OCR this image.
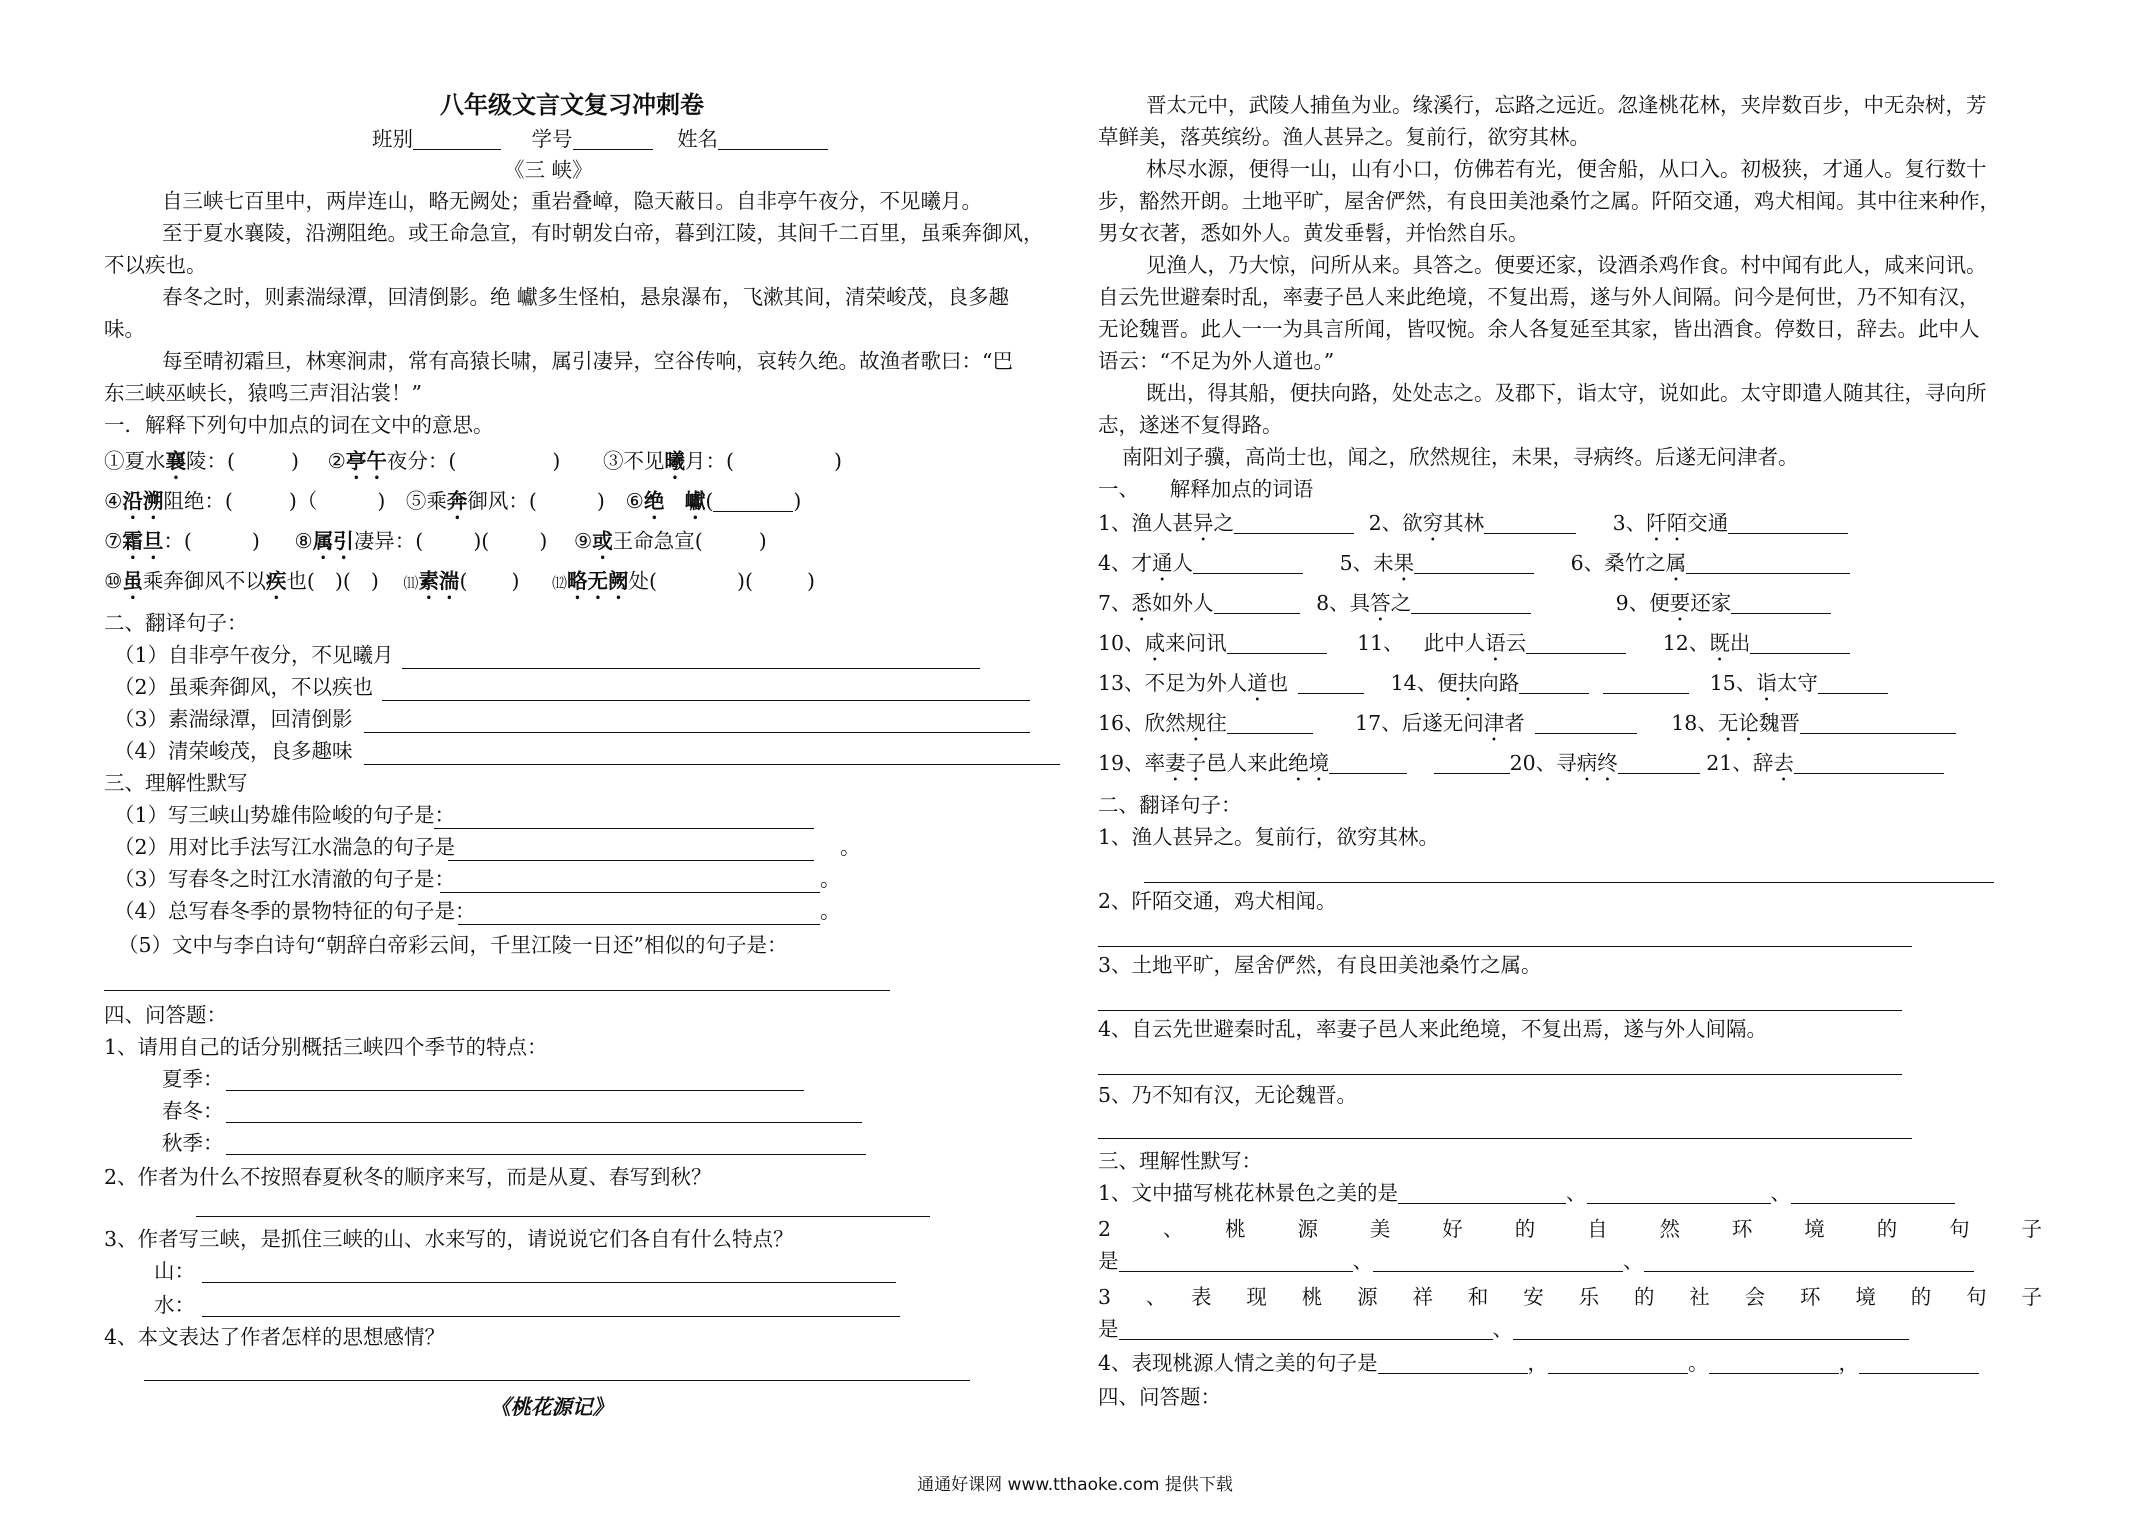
八年级文言文复习冲刺卷
班别	学号	姓名
《三 峡》
自三峡七百里中，两岸连山，略无阙处；重岩叠嶂，隐天蔽日。自非亭午夜分，不见曦月。
至于夏水襄陵，沿溯阻绝。或王命急宣，有时朝发白帝，暮到江陵，其间千二百里，虽乘奔御风，
不以疾也。
春冬之时，则素湍绿潭，回清倒影。绝 巘多生怪柏，悬泉瀑布，飞漱其间，清荣峻茂，良多趣
味。
每至晴初霜旦，林寒涧肃，常有高猿长啸，属引凄异，空谷传响，哀转久绝。故渔者歌曰：“巴
东三峡巫峡长，猿鸣三声泪沾裳！”
一．解释下列句中加点的词在文中的意思。
①夏水襄陵：(	) ②亭午夜分：(	) ③不见曦月：(	)
④沿溯阻绝：(	)（	) ⑤乘奔御风：(	) ⑥绝　巘(	)
⑦霜旦：(	) ⑧属引凄异：( )( ) ⑨或王命急宣(	)
⑩虽乘奔御风不以疾也( )( ) ⑾素湍( ) ⑿略无阙处(	)(	)
二、翻译句子：
（1）自非亭午夜分，不见曦月
（2）虽乘奔御风，不以疾也
（3）素湍绿潭，回清倒影
（4）清荣峻茂，良多趣味
三、理解性默写
（1）写三峡山势雄伟险峻的句子是：
（2）用对比手法写江水湍急的句子是	。
（3）写春冬之时江水清澈的句子是：	。
（4）总写春冬季的景物特征的句子是：	。
（5）文中与李白诗句“朝辞白帝彩云间，千里江陵一日还”相似的句子是：
四、问答题：
1、请用自己的话分别概括三峡四个季节的特点：
夏季：
春冬：
秋季：
2、作者为什么不按照春夏秋冬的顺序来写，而是从夏、春写到秋？
3、作者写三峡，是抓住三峡的山、水来写的，请说说它们各自有什么特点？
山：
水：
4、本文表达了作者怎样的思想感情？
《桃花源记》
晋太元中，武陵人捕鱼为业。缘溪行，忘路之远近。忽逢桃花林，夹岸数百步，中无杂树，芳
草鲜美，落英缤纷。渔人甚异之。复前行，欲穷其林。
林尽水源，便得一山，山有小口，仿佛若有光，便舍船，从口入。初极狭，才通人。复行数十
步，豁然开朗。土地平旷，屋舍俨然，有良田美池桑竹之属。阡陌交通，鸡犬相闻。其中往来种作，
男女衣著，悉如外人。黄发垂髫，并怡然自乐。
见渔人，乃大惊，问所从来。具答之。便要还家，设酒杀鸡作食。村中闻有此人，咸来问讯。
自云先世避秦时乱，率妻子邑人来此绝境，不复出焉，遂与外人间隔。问今是何世，乃不知有汉，
无论魏晋。此人一一为具言所闻，皆叹惋。余人各复延至其家，皆出酒食。停数日，辞去。此中人
语云：“不足为外人道也。”
既出，得其船，便扶向路，处处志之。及郡下，诣太守，说如此。太守即遣人随其往，寻向所
志，遂迷不复得路。
南阳刘子骥，高尚士也，闻之，欣然规往，未果，寻病终。后遂无问津者。
一、　　解释加点的词语
1、渔人甚异之	2、欲穷其林	3、阡陌交通
4、才通人	5、未果	6、桑竹之属
7、悉如外人	8、具答之	9、便要还家
10、咸来问讯	11、 此中人语云	12、既出
13、不足为外人道也	14、便扶向路	15、诣太守
16、欣然规往	17、后遂无问津者	18、无论魏晋
19、率妻子邑人来此绝境	20、寻病终	21、辞去
二、翻译句子：
1、渔人甚异之。复前行，欲穷其林。
2、阡陌交通，鸡犬相闻。
3、土地平旷，屋舍俨然，有良田美池桑竹之属。
4、自云先世避秦时乱，率妻子邑人来此绝境，不复出焉，遂与外人间隔。
5、乃不知有汉，无论魏晋。
三、理解性默写：
1、文中描写桃花林景色之美的是	、	、
2　、　桃　源　美　好　的　自　然　环　境　的　句　子
是	、	、
3　、　表　现　桃　源　祥　和　安　乐　的　社　会　环　境　的　句　子
是	、
4、表现桃源人情之美的句子是	，	。	，
四、问答题：
通通好课网 www.tthaoke.com 提供下载
